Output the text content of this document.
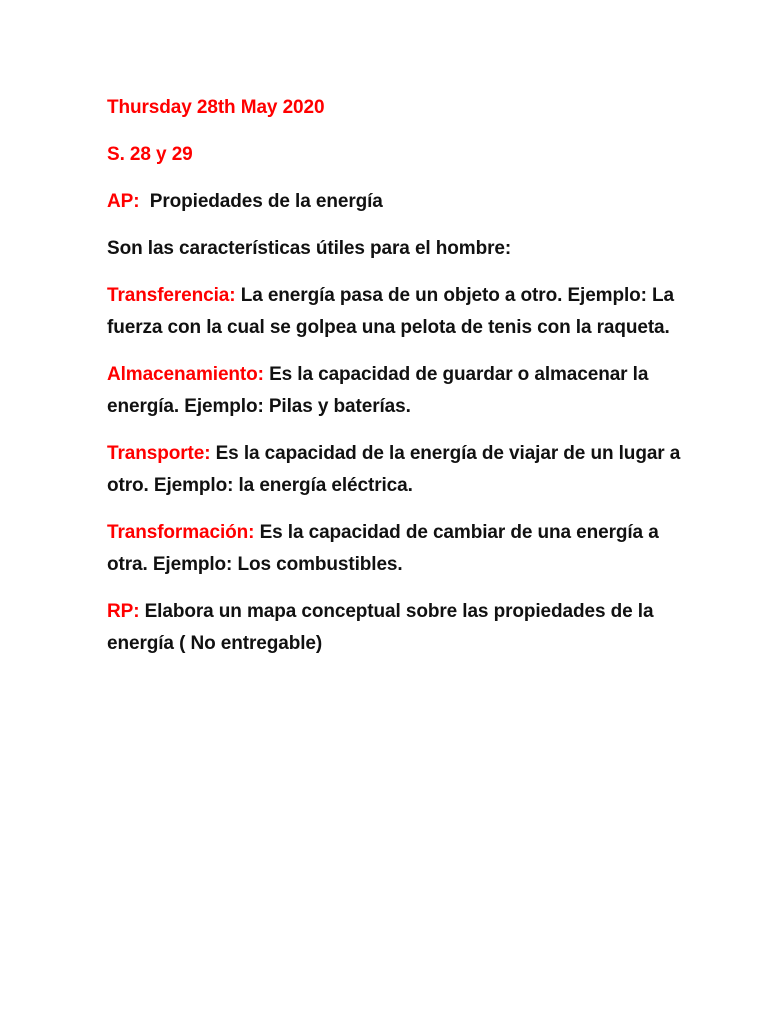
Thursday 28th May 2020

S. 28 y 29

AP: Propiedades de la energía

Son las características útiles para el hombre:

Transferencia: La energía pasa de un objeto a otro. Ejemplo: La fuerza con la cual se golpea una pelota de tenis con la raqueta.

Almacenamiento: Es la capacidad de guardar o almacenar la energía. Ejemplo: Pilas y baterías.

Transporte: Es la capacidad de la energía de viajar de un lugar a otro. Ejemplo: la energía eléctrica.

Transformación: Es la capacidad de cambiar de una energía a otra. Ejemplo: Los combustibles.

RP: Elabora un mapa conceptual sobre las propiedades de la energía ( No entregable)
